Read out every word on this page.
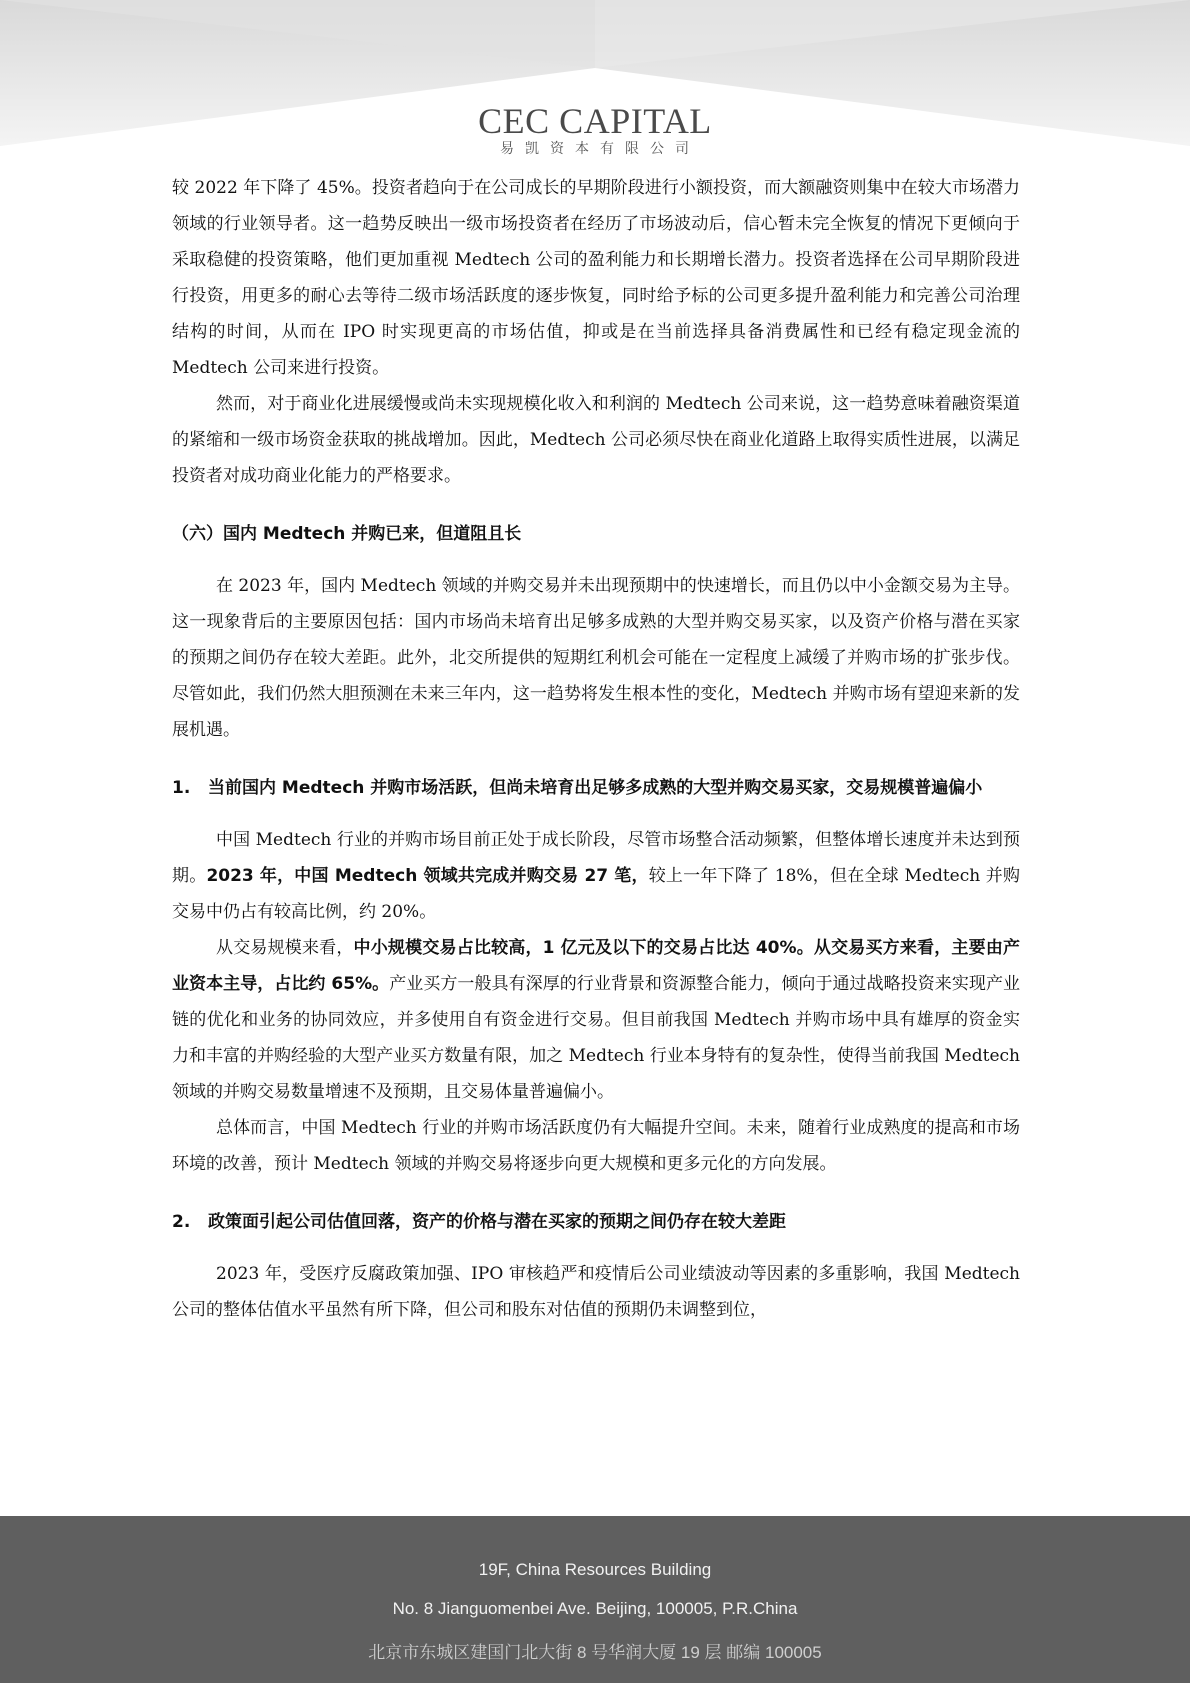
CEC CAPITAL
易凯资本有限公司

较 2022 年下降了 45%。投资者趋向于在公司成长的早期阶段进行小额投资，而大额融资则集中在较大市场潜力领域的行业领导者。这一趋势反映出一级市场投资者在经历了市场波动后，信心暂未完全恢复的情况下更倾向于采取稳健的投资策略，他们更加重视 Medtech 公司的盈利能力和长期增长潜力。投资者选择在公司早期阶段进行投资，用更多的耐心去等待二级市场活跃度的逐步恢复，同时给予标的公司更多提升盈利能力和完善公司治理结构的时间，从而在 IPO 时实现更高的市场估值，抑或是在当前选择具备消费属性和已经有稳定现金流的 Medtech 公司来进行投资。

然而，对于商业化进展缓慢或尚未实现规模化收入和利润的 Medtech 公司来说，这一趋势意味着融资渠道的紧缩和一级市场资金获取的挑战增加。因此，Medtech 公司必须尽快在商业化道路上取得实质性进展，以满足投资者对成功商业化能力的严格要求。

（六）国内 Medtech 并购已来，但道阻且长

在 2023 年，国内 Medtech 领域的并购交易并未出现预期中的快速增长，而且仍以中小金额交易为主导。这一现象背后的主要原因包括：国内市场尚未培育出足够多成熟的大型并购交易买家，以及资产价格与潜在买家的预期之间仍存在较大差距。此外，北交所提供的短期红利机会可能在一定程度上减缓了并购市场的扩张步伐。尽管如此，我们仍然大胆预测在未来三年内，这一趋势将发生根本性的变化，Medtech 并购市场有望迎来新的发展机遇。

1. 当前国内 Medtech 并购市场活跃，但尚未培育出足够多成熟的大型并购交易买家，交易规模普遍偏小

中国 Medtech 行业的并购市场目前正处于成长阶段，尽管市场整合活动频繁，但整体增长速度并未达到预期。2023 年，中国 Medtech 领域共完成并购交易 27 笔，较上一年下降了 18%，但在全球 Medtech 并购交易中仍占有较高比例，约 20%。

从交易规模来看，中小规模交易占比较高，1 亿元及以下的交易占比达 40%。从交易买方来看，主要由产业资本主导，占比约 65%。产业买方一般具有深厚的行业背景和资源整合能力，倾向于通过战略投资来实现产业链的优化和业务的协同效应，并多使用自有资金进行交易。但目前我国 Medtech 并购市场中具有雄厚的资金实力和丰富的并购经验的大型产业买方数量有限，加之 Medtech 行业本身特有的复杂性，使得当前我国 Medtech 领域的并购交易数量增速不及预期，且交易体量普遍偏小。

总体而言，中国 Medtech 行业的并购市场活跃度仍有大幅提升空间。未来，随着行业成熟度的提高和市场环境的改善，预计 Medtech 领域的并购交易将逐步向更大规模和更多元化的方向发展。

2. 政策面引起公司估值回落，资产的价格与潜在买家的预期之间仍存在较大差距

2023 年，受医疗反腐政策加强、IPO 审核趋严和疫情后公司业绩波动等因素的多重影响，我国 Medtech 公司的整体估值水平虽然有所下降，但公司和股东对估值的预期仍未调整到位，

19F, China Resources Building
No. 8 Jianguomenbei Ave. Beijing, 100005, P.R.China
北京市东城区建国门北大街 8 号华润大厦 19 层 邮编 100005
